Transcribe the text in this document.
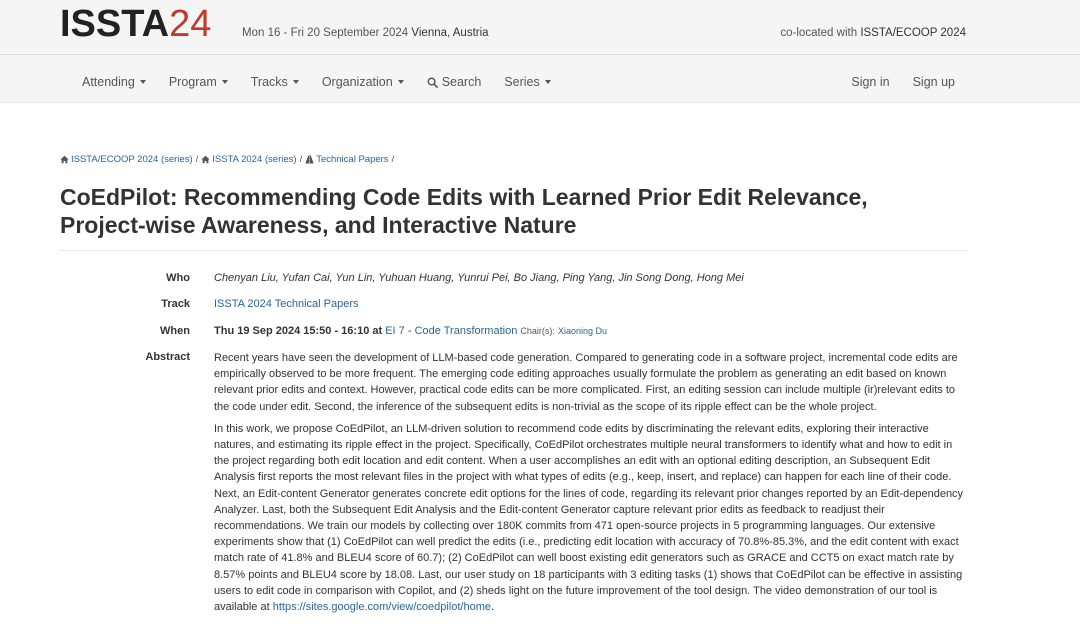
ISSTA24	Mon 16 - Fri 20 September 2024 Vienna, Austria	co-located with ISSTA/ECOOP 2024
Attending	Program	Tracks	Organization	Search Series	Sign in Sign up
ISSTA/ECOOP 2024 (series) / ISSTA 2024 (series) / Technical Papers /
CoEdPilot: Recommending Code Edits with Learned Prior Edit Relevance,
Project-wise Awareness, and Interactive Nature
Who Chenyan Liu, Yufan Cai, Yun Lin, Yuhuan Huang, Yunrui Pei, Bo Jiang, Ping Yang, Jin Song Dong, Hong Mei
Track ISSTA 2024 Technical Papers
When Thu 19 Sep 2024 15:50 - 16:10 at EI 7 - Code Transformation Chair(s): Xiaoning Du
Abstract Recent years have seen the development of LLM-based code generation. Compared to generating code in a software project, incremental code edits are empirically observed to be more frequent. The emerging code editing approaches usually formulate the problem as generating an edit based on known relevant prior edits and context. However, practical code edits can be more complicated. First, an editing session can include multiple (ir)relevant edits to the code under edit. Second, the inference of the subsequent edits is non-trivial as the scope of its ripple effect can be the whole project.

In this work, we propose CoEdPilot, an LLM-driven solution to recommend code edits by discriminating the relevant edits, exploring their interactive natures, and estimating its ripple effect in the project. Specifically, CoEdPilot orchestrates multiple neural transformers to identify what and how to edit in the project regarding both edit location and edit content. When a user accomplishes an edit with an optional editing description, an Subsequent Edit Analysis first reports the most relevant files in the project with what types of edits (e.g., keep, insert, and replace) can happen for each line of their code. Next, an Edit-content Generator generates concrete edit options for the lines of code, regarding its relevant prior changes reported by an Edit-dependency Analyzer. Last, both the Subsequent Edit Analysis and the Edit-content Generator capture relevant prior edits as feedback to readjust their recommendations. We train our models by collecting over 180K commits from 471 open-source projects in 5 programming languages. Our extensive experiments show that (1) CoEdPilot can well predict the edits (i.e., predicting edit location with accuracy of 70.8%-85.3%, and the edit content with exact match rate of 41.8% and BLEU4 score of 60.7); (2) CoEdPilot can well boost existing edit generators such as GRACE and CCT5 on exact match rate by 8.57% points and BLEU4 score by 18.08. Last, our user study on 18 participants with 3 editing tasks (1) shows that CoEdPilot can be effective in assisting users to edit code in comparison with Copilot, and (2) sheds light on the future improvement of the tool design. The video demonstration of our tool is available at https://sites.google.com/view/coedpilot/home.
